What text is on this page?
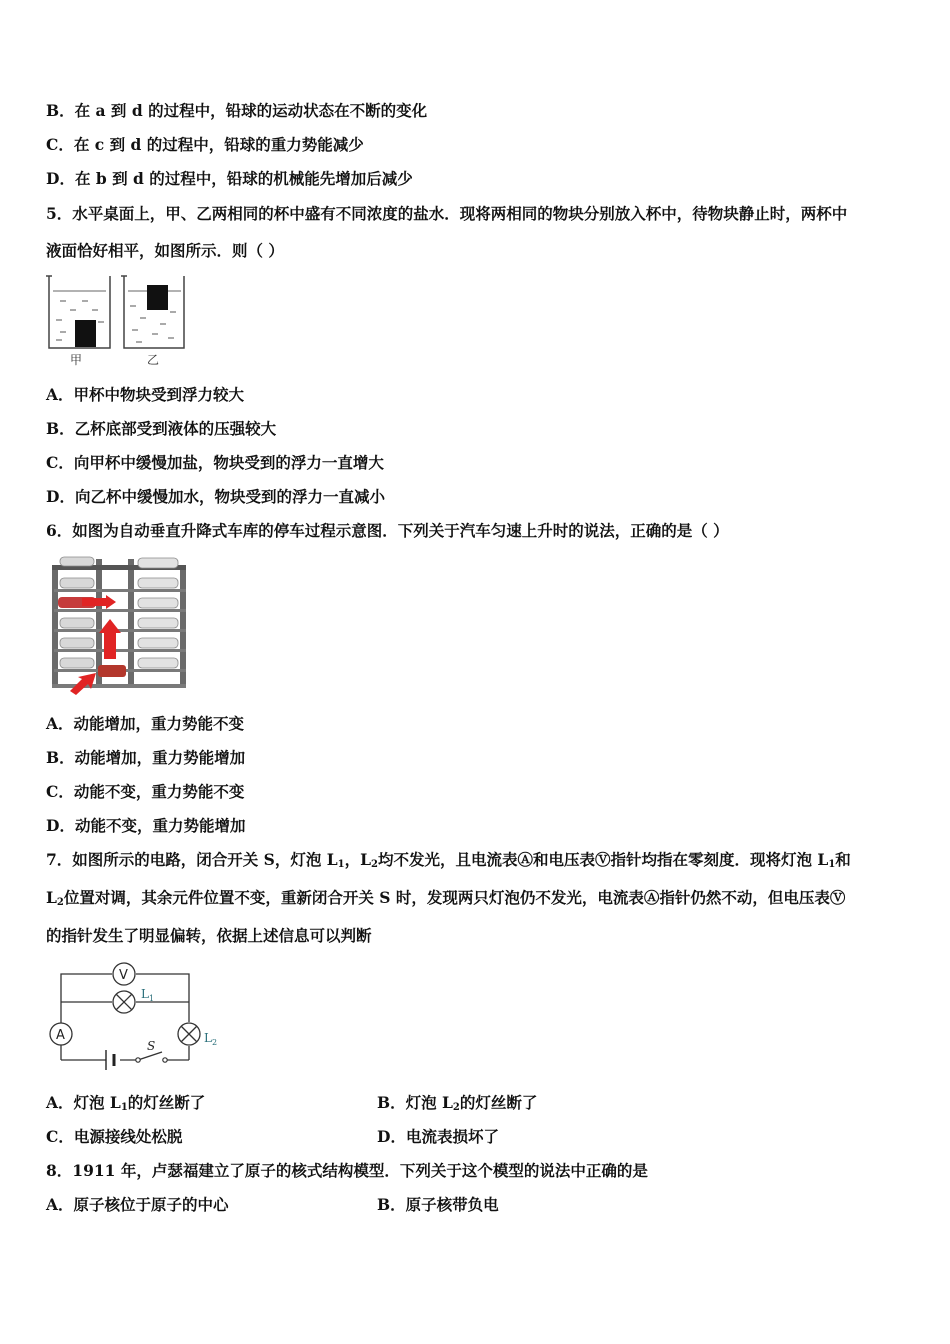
B．在 a 到 d 的过程中，铅球的运动状态在不断的变化
C．在 c 到 d 的过程中，铅球的重力势能减少
D．在 b 到 d 的过程中，铅球的机械能先增加后减少
5．水平桌面上，甲、乙两相同的杯中盛有不同浓度的盐水．现将两相同的物块分别放入杯中，待物块静止时，两杯中
液面恰好相平，如图所示．则（ ）
甲	乙
A．甲杯中物块受到浮力较大
B．乙杯底部受到液体的压强较大
C．向甲杯中缓慢加盐，物块受到的浮力一直增大
D．向乙杯中缓慢加水，物块受到的浮力一直减小
6．如图为自动垂直升降式车库的停车过程示意图．下列关于汽车匀速上升时的说法，正确的是（ ）
A．动能增加，重力势能不变
B．动能增加，重力势能增加
C．动能不变，重力势能不变
D．动能不变，重力势能增加
7．如图所示的电路，闭合开关 S，灯泡 $L_1$，$L_2$均不发光，且电流表Ⓐ和电压表Ⓥ指针均指在零刻度．现将灯泡 $L_1$和
$L_2$位置对调，其余元件位置不变，重新闭合开关 S 时，发现两只灯泡仍不发光，电流表Ⓐ指针仍然不动，但电压表Ⓥ
的指针发生了明显偏转，依据上述信息可以判断
V
$L_1$
A	$L_2$
S
A．灯泡 $L_1$的灯丝断了	B．灯泡 $L_2$的灯丝断了
C．电源接线处松脱	D．电流表损坏了
8．1911 年，卢瑟福建立了原子的核式结构模型．下列关于这个模型的说法中正确的是
A．原子核位于原子的中心	B．原子核带负电
